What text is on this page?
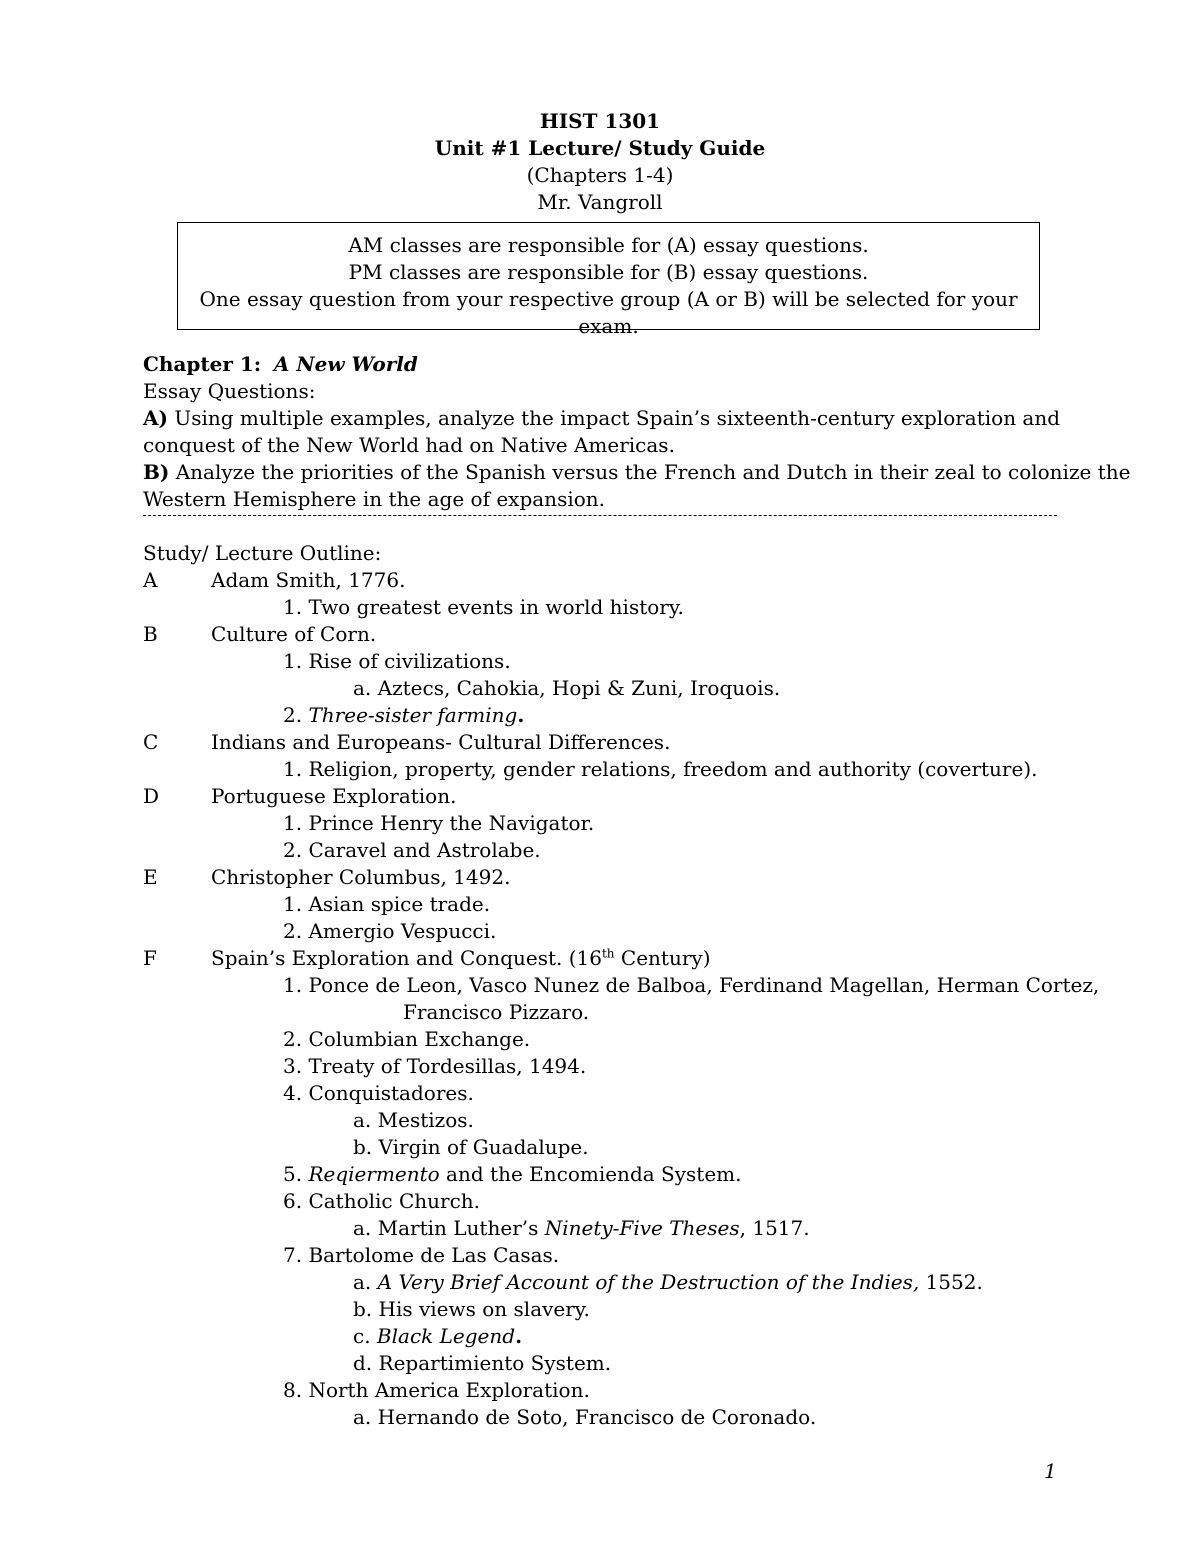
HIST 1301
Unit #1 Lecture/ Study Guide
(Chapters 1-4)
Mr. Vangroll
AM classes are responsible for (A) essay questions.
PM classes are responsible for (B) essay questions.
One essay question from your respective group (A or B) will be selected for your exam.
Chapter 1: A New World
Essay Questions:
A) Using multiple examples, analyze the impact Spain’s sixteenth-century exploration and
conquest of the New World had on Native Americas.
B) Analyze the priorities of the Spanish versus the French and Dutch in their zeal to colonize the
Western Hemisphere in the age of expansion.
Study/ Lecture Outline:
A	Adam Smith, 1776.
1. Two greatest events in world history.
B	Culture of Corn.
1. Rise of civilizations.
a. Aztecs, Cahokia, Hopi & Zuni, Iroquois.
2. Three-sister farming.
C	Indians and Europeans- Cultural Differences.
1. Religion, property, gender relations, freedom and authority (coverture).
D	Portuguese Exploration.
1. Prince Henry the Navigator.
2. Caravel and Astrolabe.
E	Christopher Columbus, 1492.
1. Asian spice trade.
2. Amergio Vespucci.
F	Spain’s Exploration and Conquest. (16th Century)
1. Ponce de Leon, Vasco Nunez de Balboa, Ferdinand Magellan, Herman Cortez,
Francisco Pizzaro.
2. Columbian Exchange.
3. Treaty of Tordesillas, 1494.
4. Conquistadores.
a. Mestizos.
b. Virgin of Guadalupe.
5. Reqiermento and the Encomienda System.
6. Catholic Church.
a. Martin Luther’s Ninety-Five Theses, 1517.
7. Bartolome de Las Casas.
a. A Very Brief Account of the Destruction of the Indies, 1552.
b. His views on slavery.
c. Black Legend.
d. Repartimiento System.
8. North America Exploration.
a. Hernando de Soto, Francisco de Coronado.
1
